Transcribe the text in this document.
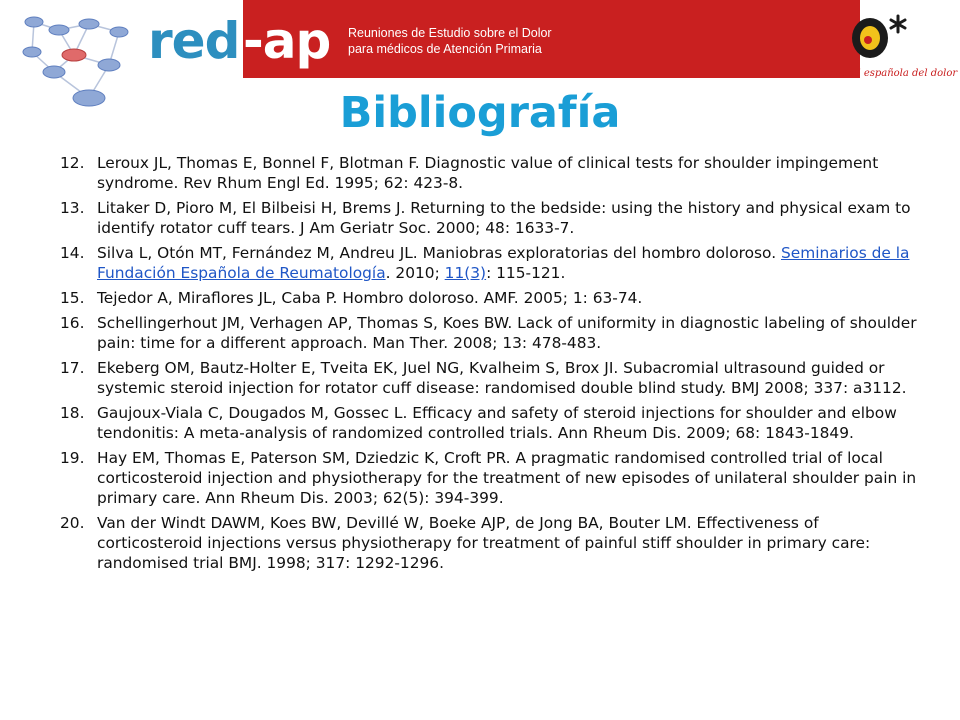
red -ap Reuniones de Estudio sobre el Dolor
para médicos de Atención Primaria
sociedad española del dolor
Bibliografía
12. Leroux JL, Thomas E, Bonnel F, Blotman F. Diagnostic value of clinical tests for shoulder impingement syndrome. Rev Rhum Engl Ed. 1995; 62: 423-8.
13. Litaker D, Pioro M, El Bilbeisi H, Brems J. Returning to the bedside: using the history and physical exam to identify rotator cuff tears. J Am Geriatr Soc. 2000; 48: 1633-7.
14. Silva L, Otón MT, Fernández M, Andreu JL. Maniobras exploratorias del hombro doloroso. Seminarios de la Fundación Española de Reumatología. 2010; 11(3): 115-121.
15. Tejedor A, Miraflores JL, Caba P. Hombro doloroso. AMF. 2005; 1: 63-74.
16. Schellingerhout JM, Verhagen AP, Thomas S, Koes BW. Lack of uniformity in diagnostic labeling of shoulder pain: time for a different approach. Man Ther. 2008; 13: 478-483.
17. Ekeberg OM, Bautz-Holter E, Tveita EK, Juel NG, Kvalheim S, Brox JI. Subacromial ultrasound guided or systemic steroid injection for rotator cuff disease: randomised double blind study. BMJ 2008; 337: a3112.
18. Gaujoux-Viala C, Dougados M, Gossec L. Efficacy and safety of steroid injections for shoulder and elbow tendonitis: A meta-analysis of randomized controlled trials. Ann Rheum Dis. 2009; 68: 1843-1849.
19. Hay EM, Thomas E, Paterson SM, Dziedzic K, Croft PR. A pragmatic randomised controlled trial of local corticosteroid injection and physiotherapy for the treatment of new episodes of unilateral shoulder pain in primary care. Ann Rheum Dis. 2003; 62(5): 394-399.
20. Van der Windt DAWM, Koes BW, Devillé W, Boeke AJP, de Jong BA, Bouter LM. Effectiveness of corticosteroid injections versus physiotherapy for treatment of painful stiff shoulder in primary care: randomised trial BMJ. 1998; 317: 1292-1296.
